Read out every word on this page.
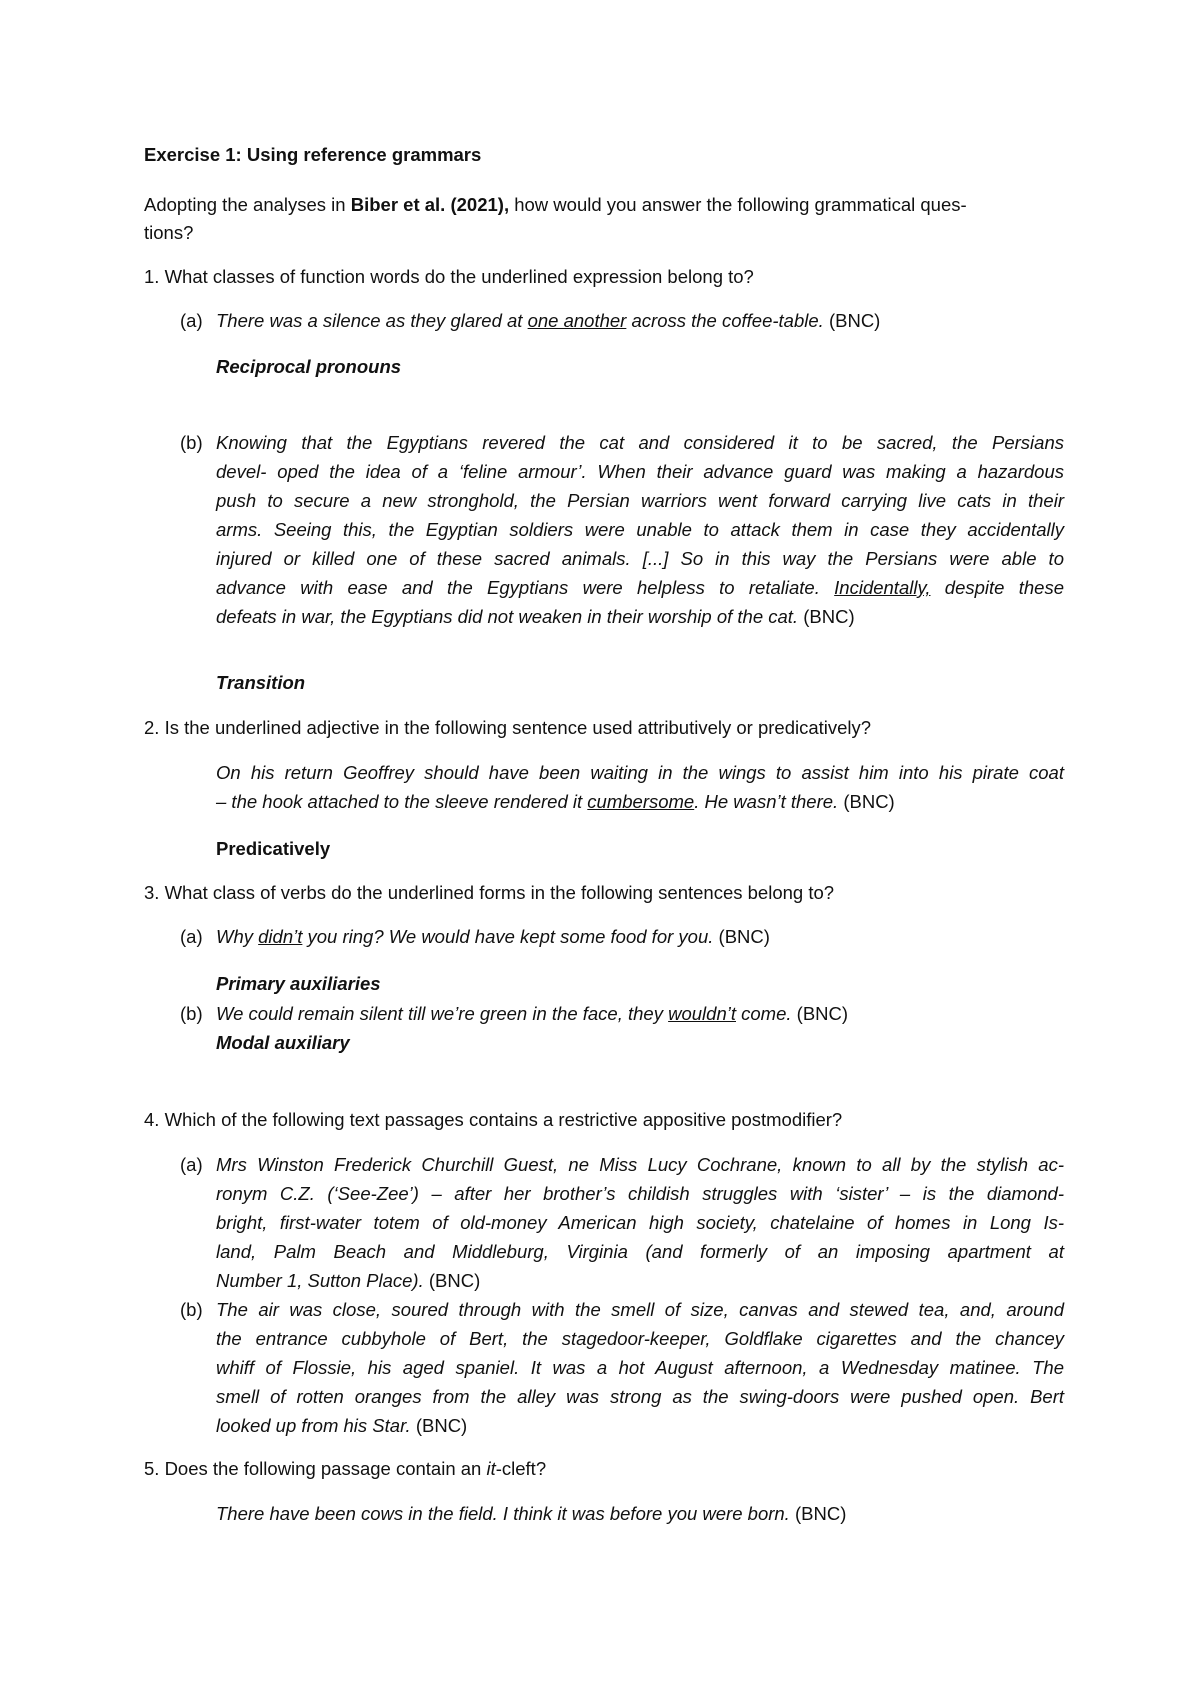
Exercise 1: Using reference grammars
Adopting the analyses in Biber et al. (2021), how would you answer the following grammatical ques-
tions?
1. What classes of function words do the underlined expression belong to?
(a) There was a silence as they glared at one another across the coffee-table. (BNC)
Reciprocal pronouns
(b) Knowing that the Egyptians revered the cat and considered it to be sacred, the Persians
devel- oped the idea of a ‘feline armour’. When their advance guard was making a hazardous
push to secure a new stronghold, the Persian warriors went forward carrying live cats in their
arms. Seeing this, the Egyptian soldiers were unable to attack them in case they accidentally
injured or killed one of these sacred animals. [...] So in this way the Persians were able to
advance with ease and the Egyptians were helpless to retaliate. Incidentally, despite these
defeats in war, the Egyptians did not weaken in their worship of the cat. (BNC)
Transition
2. Is the underlined adjective in the following sentence used attributively or predicatively?
On his return Geoffrey should have been waiting in the wings to assist him into his pirate coat
– the hook attached to the sleeve rendered it cumbersome. He wasn’t there. (BNC)
Predicatively
3. What class of verbs do the underlined forms in the following sentences belong to?
(a) Why didn’t you ring? We would have kept some food for you. (BNC)
Primary auxiliaries
(b) We could remain silent till we’re green in the face, they wouldn’t come. (BNC)
Modal auxiliary
4. Which of the following text passages contains a restrictive appositive postmodifier?
(a) Mrs Winston Frederick Churchill Guest, ne Miss Lucy Cochrane, known to all by the stylish ac-
ronym C.Z. (‘See-Zee’) – after her brother’s childish struggles with ‘sister’ – is the diamond-
bright, first-water totem of old-money American high society, chatelaine of homes in Long Is-
land, Palm Beach and Middleburg, Virginia (and formerly of an imposing apartment at
Number 1, Sutton Place). (BNC)
(b) The air was close, soured through with the smell of size, canvas and stewed tea, and, around
the entrance cubbyhole of Bert, the stagedoor-keeper, Goldflake cigarettes and the chancey
whiff of Flossie, his aged spaniel. It was a hot August afternoon, a Wednesday matinee. The
smell of rotten oranges from the alley was strong as the swing-doors were pushed open. Bert
looked up from his Star. (BNC)
5. Does the following passage contain an it-cleft?
There have been cows in the field. I think it was before you were born. (BNC)
